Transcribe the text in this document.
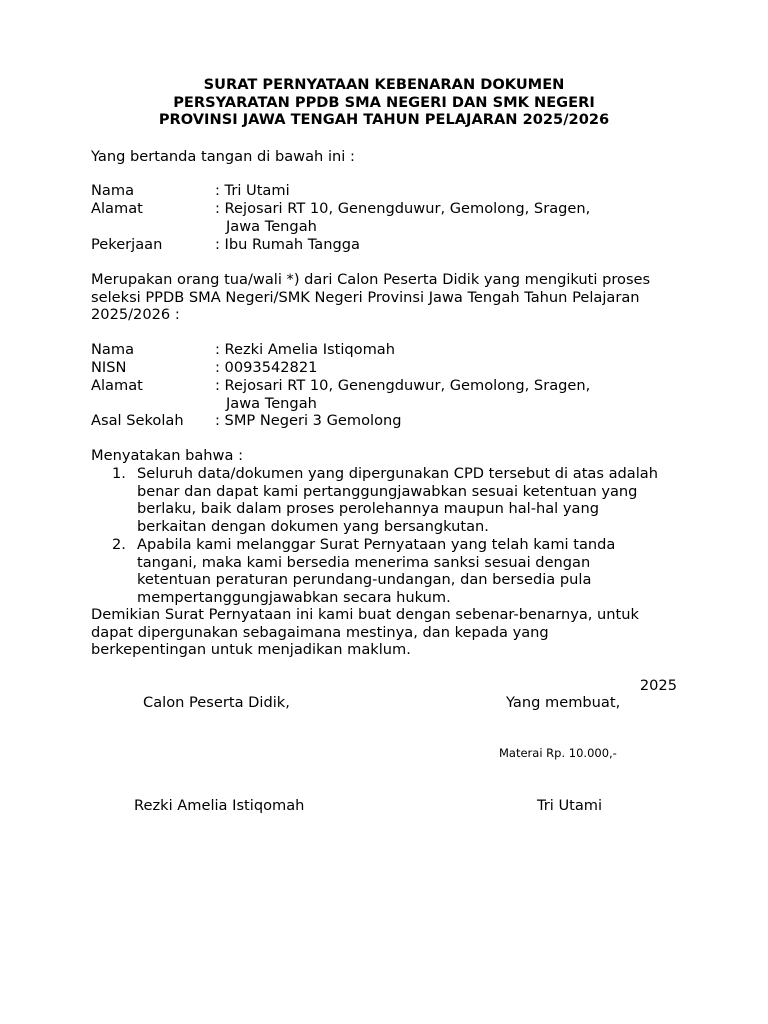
SURAT PERNYATAAN KEBENARAN DOKUMEN
PERSYARATAN PPDB SMA NEGERI DAN SMK NEGERI
PROVINSI JAWA TENGAH TAHUN PELAJARAN 2025/2026
Yang bertanda tangan di bawah ini :
Nama	: Tri Utami
Alamat	: Rejosari RT 10, Genengduwur, Gemolong, Sragen,
Jawa Tengah
Pekerjaan	: Ibu Rumah Tangga
Merupakan orang tua/wali *) dari Calon Peserta Didik yang mengikuti proses
seleksi PPDB SMA Negeri/SMK Negeri Provinsi Jawa Tengah Tahun Pelajaran
2025/2026 :
Nama	: Rezki Amelia Istiqomah
NISN	: 0093542821
Alamat	: Rejosari RT 10, Genengduwur, Gemolong, Sragen,
Jawa Tengah
Asal Sekolah : SMP Negeri 3 Gemolong
Menyatakan bahwa :
1. Seluruh data/dokumen yang dipergunakan CPD tersebut di atas adalah
benar dan dapat kami pertanggungjawabkan sesuai ketentuan yang
berlaku, baik dalam proses perolehannya maupun hal-hal yang
berkaitan dengan dokumen yang bersangkutan.
2. Apabila kami melanggar Surat Pernyataan yang telah kami tanda
tangani, maka kami bersedia menerima sanksi sesuai dengan
ketentuan peraturan perundang-undangan, dan bersedia pula
mempertanggungjawabkan secara hukum.
Demikian Surat Pernyataan ini kami buat dengan sebenar-benarnya, untuk
dapat dipergunakan sebagaimana mestinya, dan kepada yang
berkepentingan untuk menjadikan maklum.
2025
Calon Peserta Didik,	Yang membuat,
Materai Rp. 10.000,-
Rezki Amelia Istiqomah	Tri Utami
